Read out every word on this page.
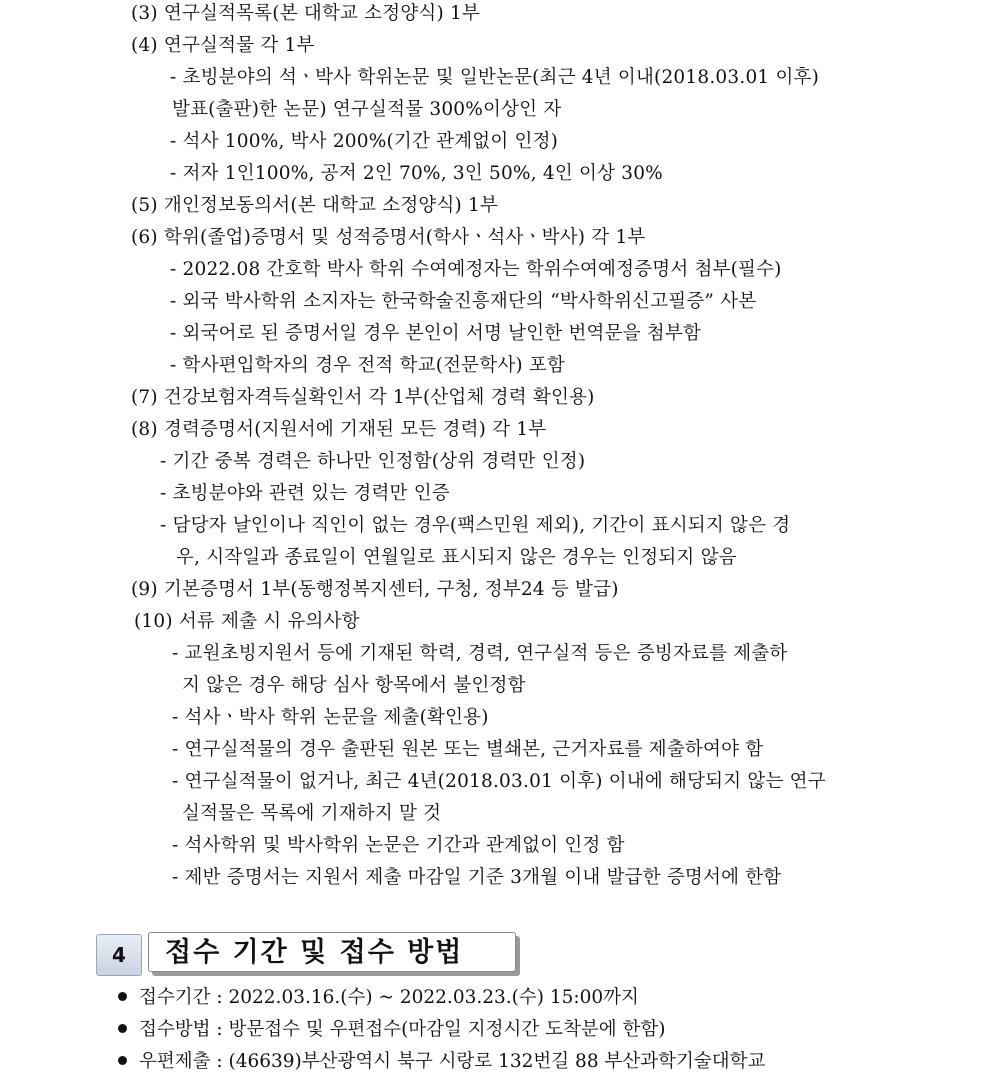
(3) 연구실적목록(본 대학교 소정양식) 1부
(4) 연구실적물 각 1부
- 초빙분야의 석ㆍ박사 학위논문 및 일반논문(최근 4년 이내(2018.03.01 이후)
발표(출판)한 논문) 연구실적물 300%이상인 자
- 석사 100%, 박사 200%(기간 관계없이 인정)
- 저자 1인100%, 공저 2인 70%, 3인 50%, 4인 이상 30%
(5) 개인정보동의서(본 대학교 소정양식) 1부
(6) 학위(졸업)증명서 및 성적증명서(학사ㆍ석사ㆍ박사) 각 1부
- 2022.08 간호학 박사 학위 수여예정자는 학위수여예정증명서 첨부(필수)
- 외국 박사학위 소지자는 한국학술진흥재단의 “박사학위신고필증” 사본
- 외국어로 된 증명서일 경우 본인이 서명 날인한 번역문을 첨부함
- 학사편입학자의 경우 전적 학교(전문학사) 포함
(7) 건강보험자격득실확인서 각 1부(산업체 경력 확인용)
(8) 경력증명서(지원서에 기재된 모든 경력) 각 1부
- 기간 중복 경력은 하나만 인정함(상위 경력만 인정)
- 초빙분야와 관련 있는 경력만 인증
- 담당자 날인이나 직인이 없는 경우(팩스민원 제외), 기간이 표시되지 않은 경
우, 시작일과 종료일이 연월일로 표시되지 않은 경우는 인정되지 않음
(9) 기본증명서 1부(동행정복지센터, 구청, 정부24 등 발급)
(10) 서류 제출 시 유의사항
- 교원초빙지원서 등에 기재된 학력, 경력, 연구실적 등은 증빙자료를 제출하
지 않은 경우 해당 심사 항목에서 불인정함
- 석사ㆍ박사 학위 논문을 제출(확인용)
- 연구실적물의 경우 출판된 원본 또는 별쇄본, 근거자료를 제출하여야 함
- 연구실적물이 없거나, 최근 4년(2018.03.01 이후) 이내에 해당되지 않는 연구
실적물은 목록에 기재하지 말 것
- 석사학위 및 박사학위 논문은 기간과 관계없이 인정 함
- 제반 증명서는 지원서 제출 마감일 기준 3개월 이내 발급한 증명서에 한함
4	접수 기간 및 접수 방법
접수기간 : 2022.03.16.(수) ~ 2022.03.23.(수) 15:00까지
접수방법 : 방문접수 및 우편접수(마감일 지정시간 도착분에 한함)
우편제출 : (46639)부산광역시 북구 시랑로 132번길 88 부산과학기술대학교
